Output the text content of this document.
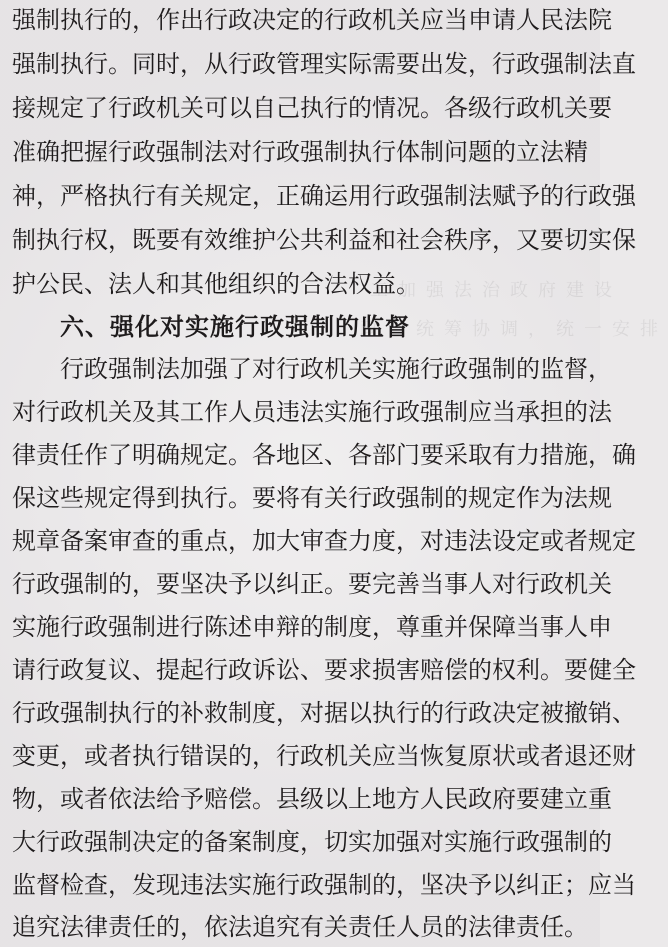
工加强法治政府建设
政，统筹协调，统一安排
强制执行的，作出行政决定的行政机关应当申请人民法院
强制执行。同时，从行政管理实际需要出发，行政强制法直
接规定了行政机关可以自己执行的情况。各级行政机关要
准确把握行政强制法对行政强制执行体制问题的立法精
神，严格执行有关规定，正确运用行政强制法赋予的行政强
制执行权，既要有效维护公共利益和社会秩序，又要切实保
护公民、法人和其他组织的合法权益。
六、强化对实施行政强制的监督
行政强制法加强了对行政机关实施行政强制的监督，
对行政机关及其工作人员违法实施行政强制应当承担的法
律责任作了明确规定。各地区、各部门要采取有力措施，确
保这些规定得到执行。要将有关行政强制的规定作为法规
规章备案审查的重点，加大审查力度，对违法设定或者规定
行政强制的，要坚决予以纠正。要完善当事人对行政机关
实施行政强制进行陈述申辩的制度，尊重并保障当事人申
请行政复议、提起行政诉讼、要求损害赔偿的权利。要健全
行政强制执行的补救制度，对据以执行的行政决定被撤销、
变更，或者执行错误的，行政机关应当恢复原状或者退还财
物，或者依法给予赔偿。县级以上地方人民政府要建立重
大行政强制决定的备案制度，切实加强对实施行政强制的
监督检查，发现违法实施行政强制的，坚决予以纠正；应当
追究法律责任的，依法追究有关责任人员的法律责任。
